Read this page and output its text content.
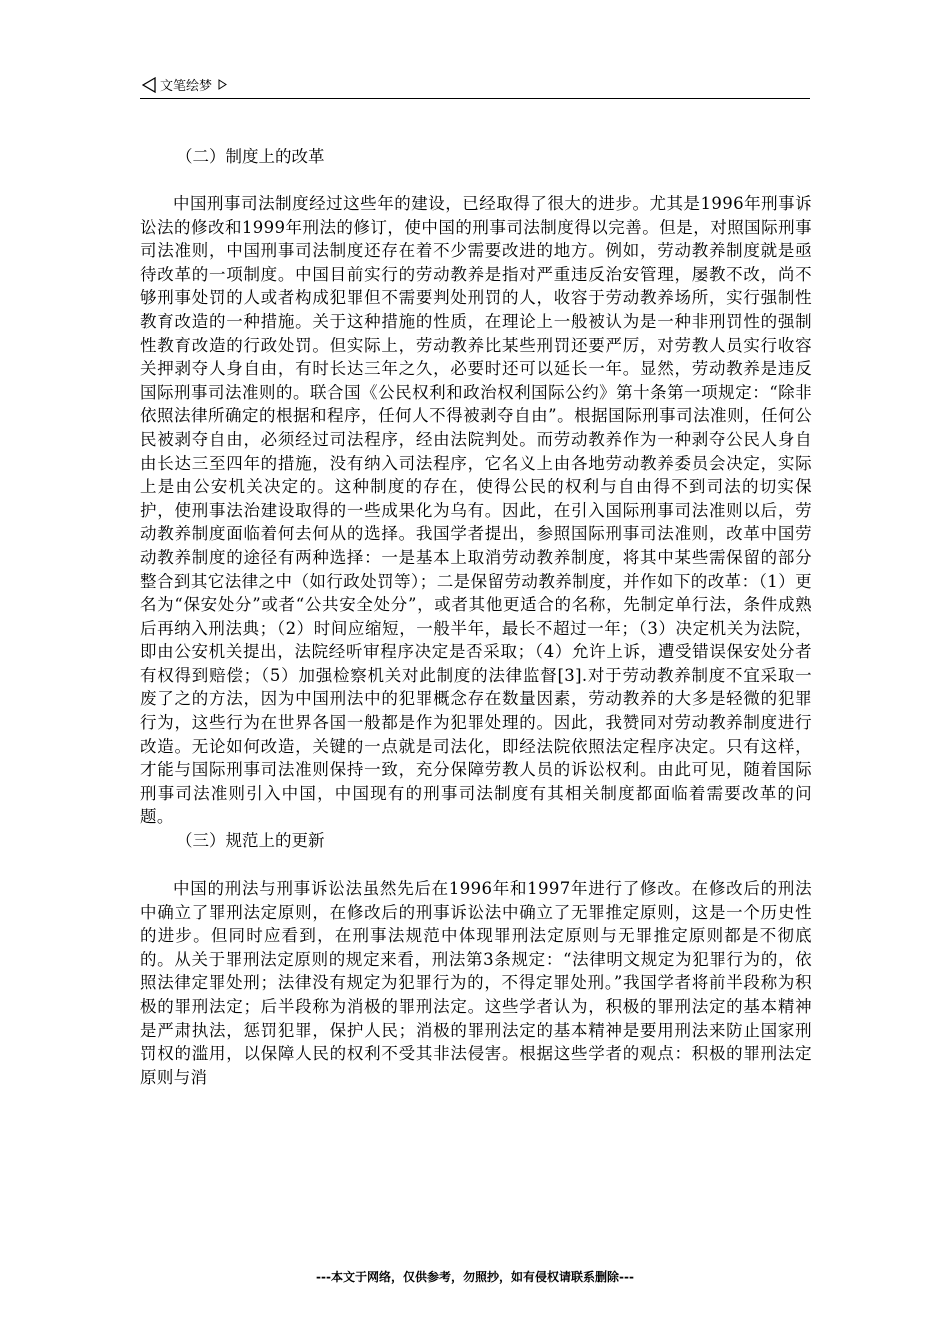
文笔绘梦

（二）制度上的改革

中国刑事司法制度经过这些年的建设，已经取得了很大的进步。尤其是1996年刑事诉讼法的修改和1999年刑法的修订，使中国的刑事司法制度得以完善。但是，对照国际刑事司法准则，中国刑事司法制度还存在着不少需要改进的地方。例如，劳动教养制度就是亟待改革的一项制度。中国目前实行的劳动教养是指对严重违反治安管理，屡教不改，尚不够刑事处罚的人或者构成犯罪但不需要判处刑罚的人，收容于劳动教养场所，实行强制性教育改造的一种措施。关于这种措施的性质，在理论上一般被认为是一种非刑罚性的强制性教育改造的行政处罚。但实际上，劳动教养比某些刑罚还要严厉，对劳教人员实行收容关押剥夺人身自由，有时长达三年之久，必要时还可以延长一年。显然，劳动教养是违反国际刑事司法准则的。联合国《公民权利和政治权利国际公约》第十条第一项规定：“除非依照法律所确定的根据和程序，任何人不得被剥夺自由”。根据国际刑事司法准则，任何公民被剥夺自由，必须经过司法程序，经由法院判处。而劳动教养作为一种剥夺公民人身自由长达三至四年的措施，没有纳入司法程序，它名义上由各地劳动教养委员会决定，实际上是由公安机关决定的。这种制度的存在，使得公民的权利与自由得不到司法的切实保护，使刑事法治建设取得的一些成果化为乌有。因此，在引入国际刑事司法准则以后，劳动教养制度面临着何去何从的选择。我国学者提出，参照国际刑事司法准则，改革中国劳动教养制度的途径有两种选择：一是基本上取消劳动教养制度，将其中某些需保留的部分整合到其它法律之中（如行政处罚等）；二是保留劳动教养制度，并作如下的改革：（1）更名为“保安处分”或者“公共安全处分”，或者其他更适合的名称，先制定单行法，条件成熟后再纳入刑法典；（2）时间应缩短，一般半年，最长不超过一年；（3）决定机关为法院，即由公安机关提出，法院经听审程序决定是否采取；（4）允许上诉，遭受错误保安处分者有权得到赔偿；（5）加强检察机关对此制度的法律监督[3].对于劳动教养制度不宜采取一废了之的方法，因为中国刑法中的犯罪概念存在数量因素，劳动教养的大多是轻微的犯罪行为，这些行为在世界各国一般都是作为犯罪处理的。因此，我赞同对劳动教养制度进行改造。无论如何改造，关键的一点就是司法化，即经法院依照法定程序决定。只有这样，才能与国际刑事司法准则保持一致，充分保障劳教人员的诉讼权利。由此可见，随着国际刑事司法准则引入中国，中国现有的刑事司法制度有其相关制度都面临着需要改革的问题。

（三）规范上的更新

中国的刑法与刑事诉讼法虽然先后在1996年和1997年进行了修改。在修改后的刑法中确立了罪刑法定原则，在修改后的刑事诉讼法中确立了无罪推定原则，这是一个历史性的进步。但同时应看到，在刑事法规范中体现罪刑法定原则与无罪推定原则都是不彻底的。从关于罪刑法定原则的规定来看，刑法第3条规定：“法律明文规定为犯罪行为的，依照法律定罪处刑；法律没有规定为犯罪行为的，不得定罪处刑。”我国学者将前半段称为积极的罪刑法定；后半段称为消极的罪刑法定。这些学者认为，积极的罪刑法定的基本精神是严肃执法，惩罚犯罪，保护人民；消极的罪刑法定的基本精神是要用刑法来防止国家刑罚权的滥用，以保障人民的权利不受其非法侵害。根据这些学者的观点：积极的罪刑法定原则与消

---本文于网络，仅供参考，勿照抄，如有侵权请联系删除---
